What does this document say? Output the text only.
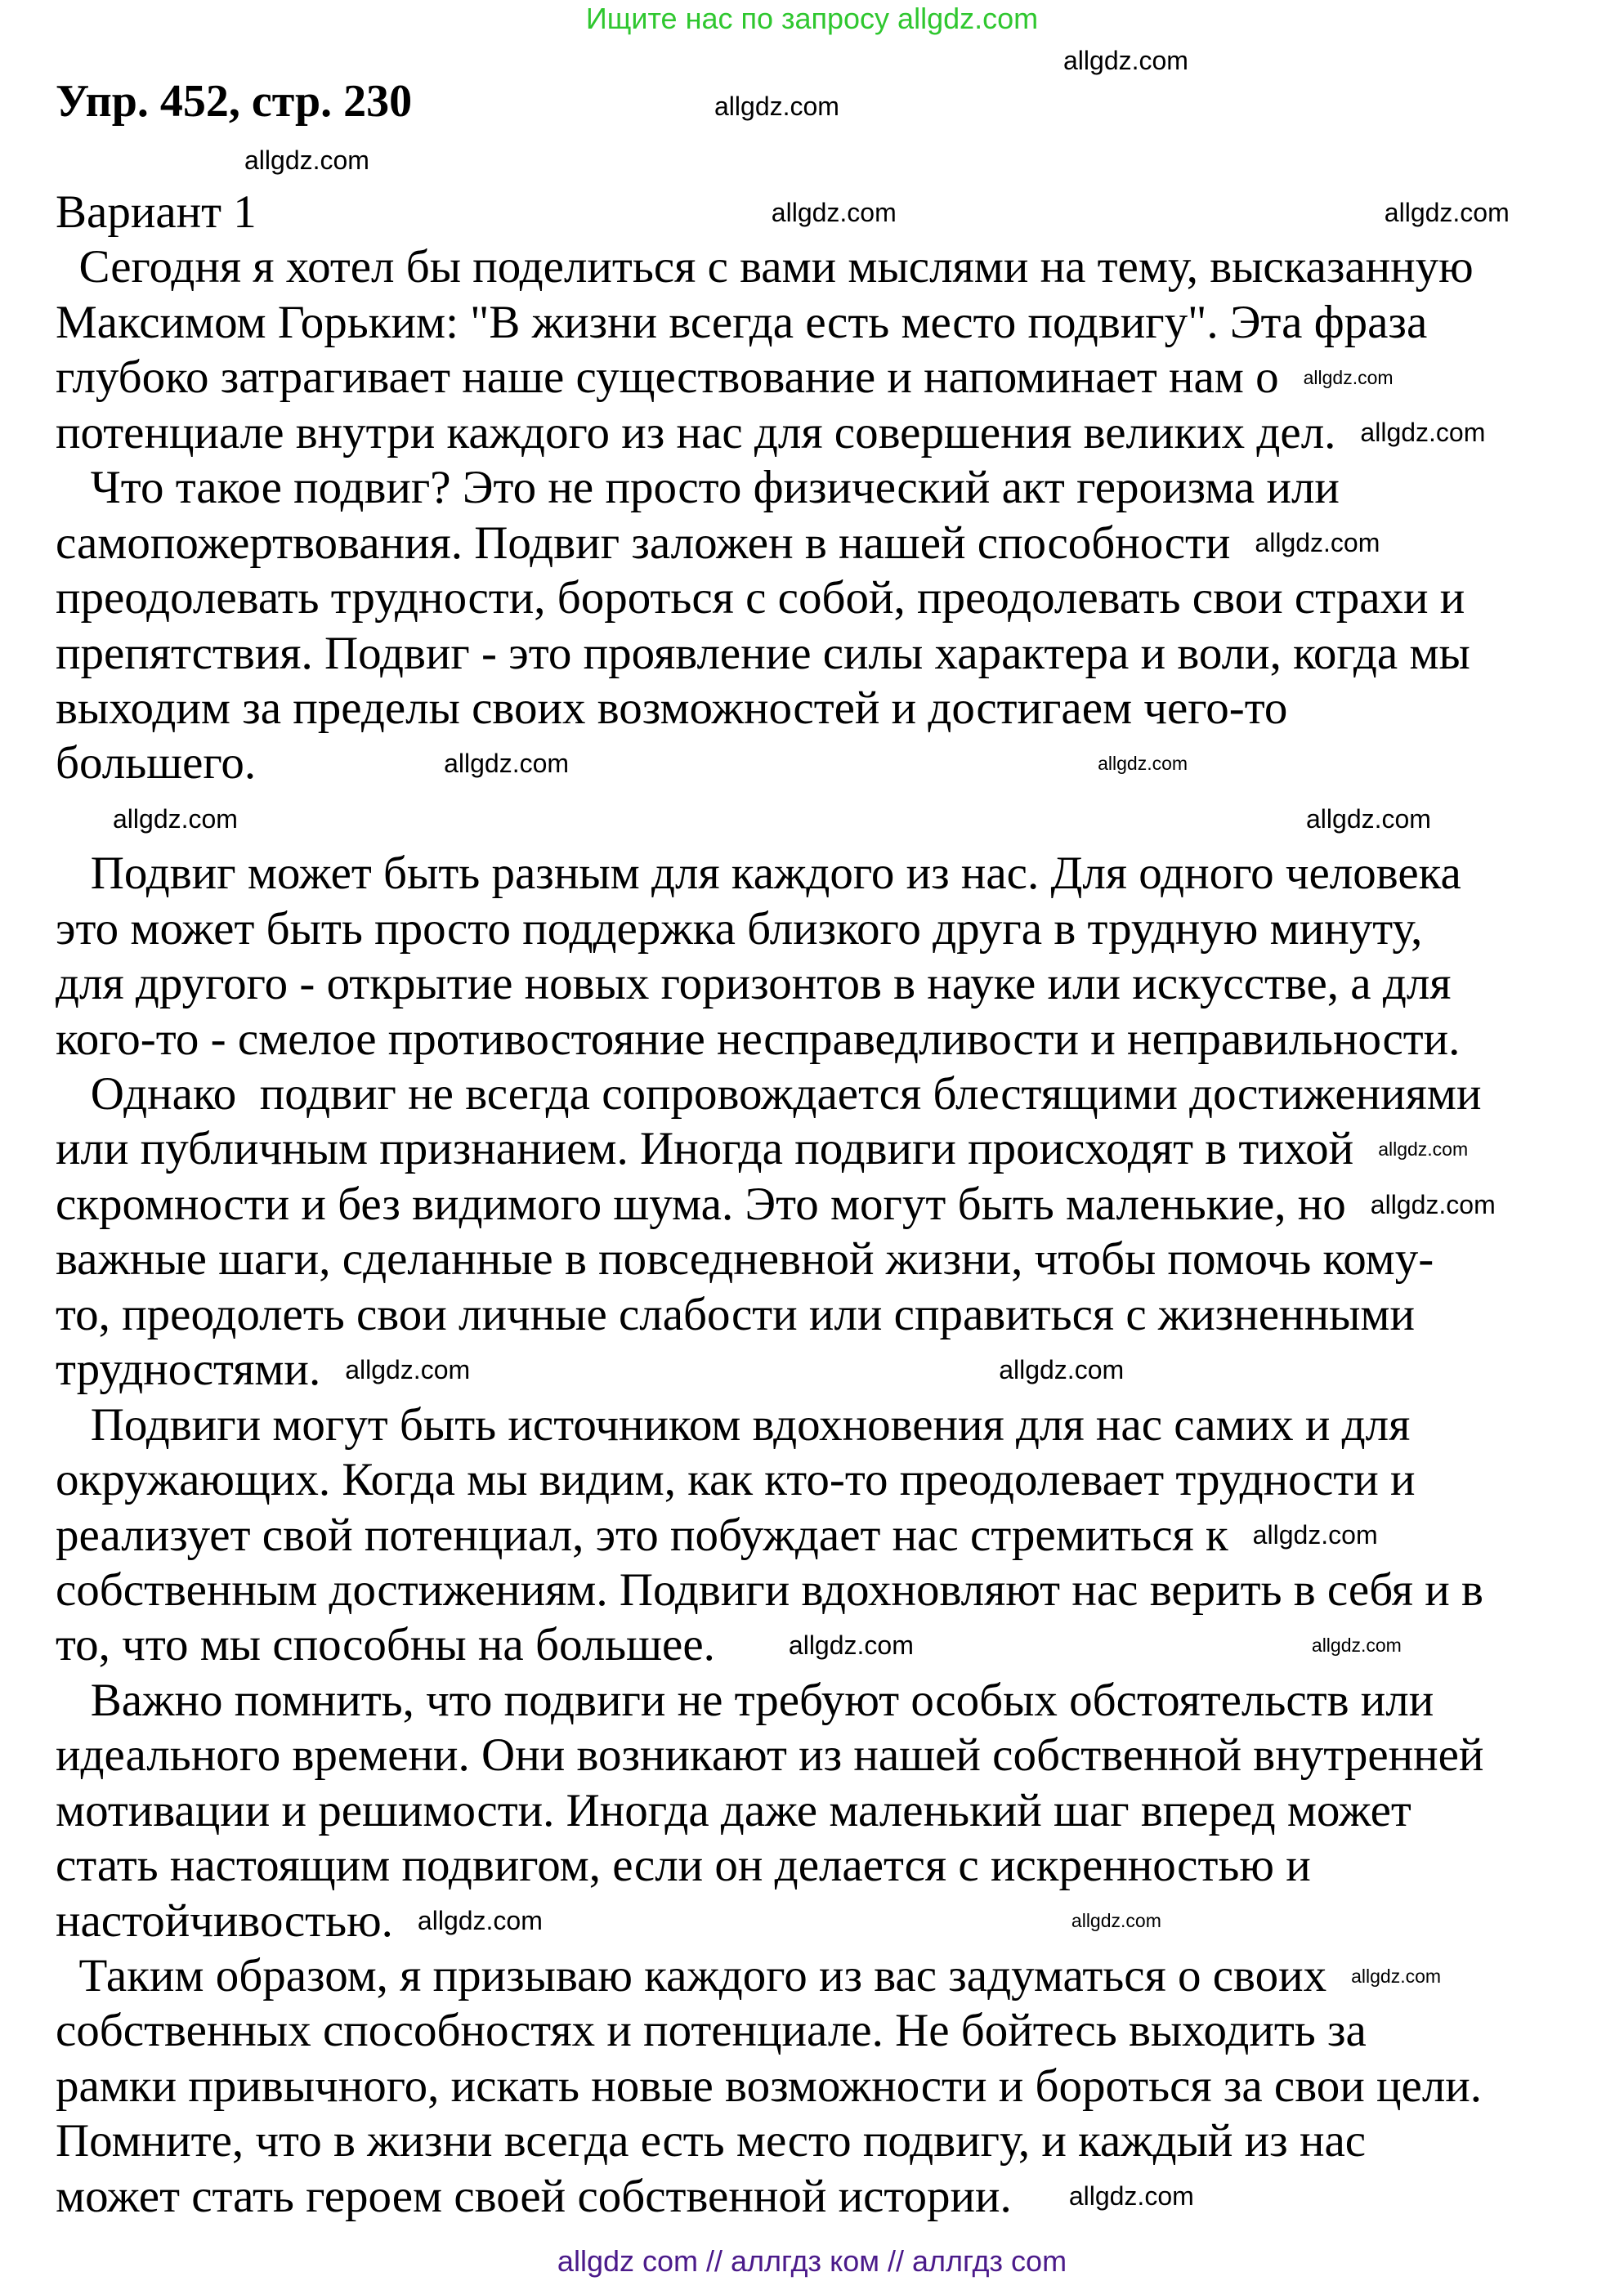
Ищите нас по запросу allgdz.com
Упр. 452, стр. 230
Вариант 1
Сегодня я хотел бы поделиться с вами мыслями на тему, высказанную
Максимом Горьким: "В жизни всегда есть место подвигу". Эта фраза
глубоко затрагивает наше существование и напоминает нам о
потенциале внутри каждого из нас для совершения великих дел.
Что такое подвиг? Это не просто физический акт героизма или
самопожертвования. Подвиг заложен в нашей способности
преодолевать трудности, бороться с собой, преодолевать свои страхи и
препятствия. Подвиг - это проявление силы характера и воли, когда мы
выходим за пределы своих возможностей и достигаем чего-то
большего.
Подвиг может быть разным для каждого из нас. Для одного человека
это может быть просто поддержка близкого друга в трудную минуту,
для другого - открытие новых горизонтов в науке или искусстве, а для
кого-то - смелое противостояние несправедливости и неправильности.
Однако  подвиг не всегда сопровождается блестящими достижениями
или публичным признанием. Иногда подвиги происходят в тихой
скромности и без видимого шума. Это могут быть маленькие, но
важные шаги, сделанные в повседневной жизни, чтобы помочь кому-
то, преодолеть свои личные слабости или справиться с жизненными
трудностями.
Подвиги могут быть источником вдохновения для нас самих и для
окружающих. Когда мы видим, как кто-то преодолевает трудности и
реализует свой потенциал, это побуждает нас стремиться к
собственным достижениям. Подвиги вдохновляют нас верить в себя и в
то, что мы способны на большее.
Важно помнить, что подвиги не требуют особых обстоятельств или
идеального времени. Они возникают из нашей собственной внутренней
мотивации и решимости. Иногда даже маленький шаг вперед может
стать настоящим подвигом, если он делается с искренностью и
настойчивостью.
Таким образом, я призываю каждого из вас задуматься о своих
собственных способностях и потенциале. Не бойтесь выходить за
рамки привычного, искать новые возможности и бороться за свои цели.
Помните, что в жизни всегда есть место подвигу, и каждый из нас
может стать героем своей собственной истории.
allgdz.com
allgdz.com
allgdz.com
allgdz.com	allgdz.com
allgdz.com
allgdz.com
allgdz.com
allgdz.com	allgdz.com
allgdz.com	allgdz.com
allgdz.com
allgdz.com
allgdz.com	allgdz.com
allgdz.com
allgdz.com	allgdz.com
allgdz.com	allgdz.com
allgdz.com
allgdz.com
allgdz com // аллгдз ком // аллгдз com
